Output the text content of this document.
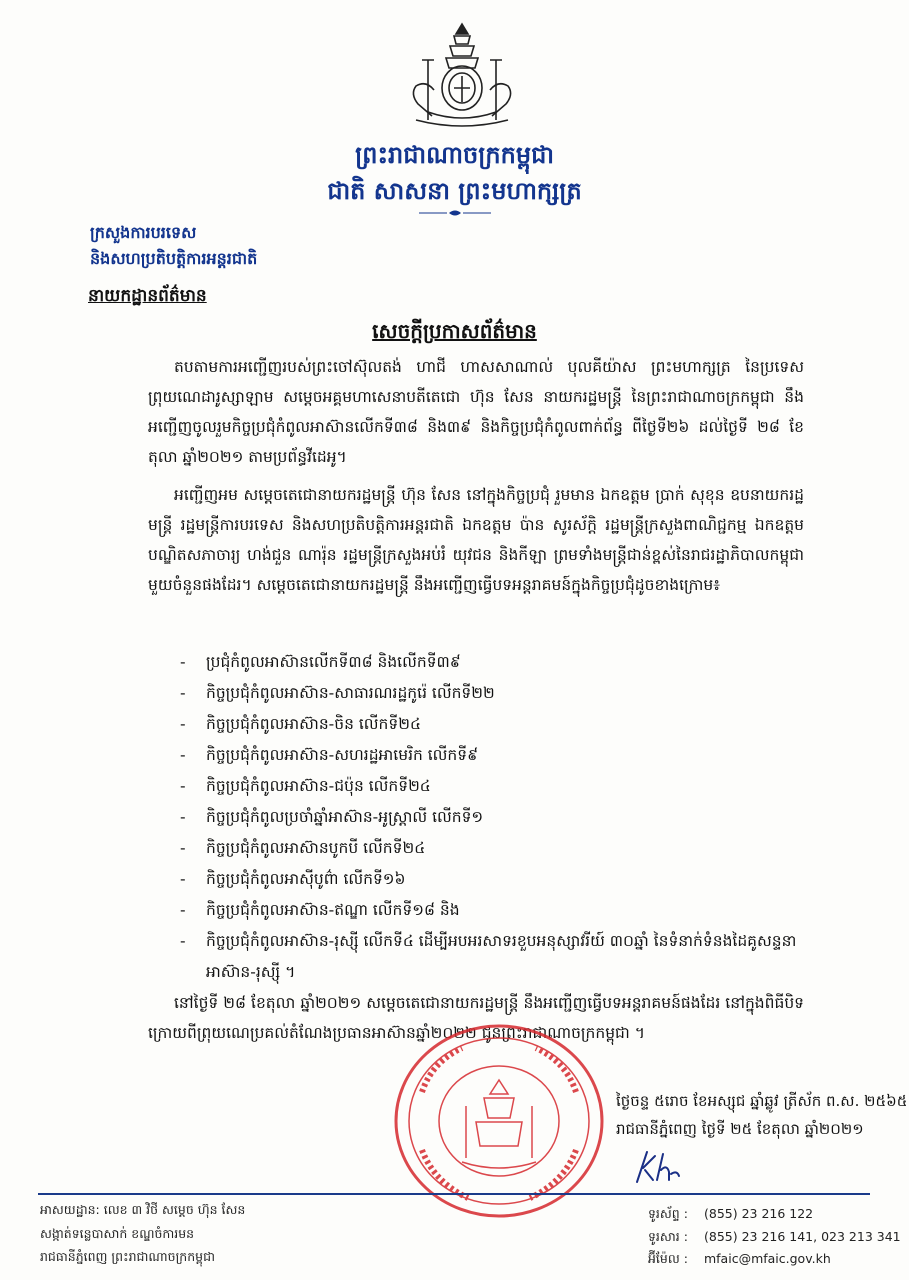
ព្រះរាជាណាចក្រកម្ពុជា
ជាតិ សាសនា ព្រះមហាក្សត្រ
ក្រសួងការបរទេស
និងសហប្រតិបត្តិការអន្តរជាតិ
នាយកដ្ឋានព័ត៌មាន
សេចក្តីប្រកាសព័ត៌មាន
តបតាមការអញ្ជើញរបស់ព្រះចៅស៊ុលតង់ ហាជី ហាសសាណាល់ បុលគីយ៉ាស ព្រះមហាក្សត្រ នៃប្រទេសព្រុយណេដារូស្សាឡាម សម្តេចអគ្គមហាសេនាបតីតេជោ ហ៊ុន សែន នាយករដ្ឋមន្ត្រី នៃព្រះរាជាណាចក្រកម្ពុជា នឹងអញ្ជើញចូលរួមកិច្ចប្រជុំកំពូលអាស៊ានលើកទី៣៨ និង៣៩ និងកិច្ចប្រជុំកំពូលពាក់ព័ន្ធ ពីថ្ងៃទី២៦ ដល់ថ្ងៃទី ២៨ ខែតុលា ឆ្នាំ២០២១ តាមប្រព័ន្ធវីដេអូ។
អញ្ជើញអម សម្តេចតេជោនាយករដ្ឋមន្ត្រី ហ៊ុន សែន នៅក្នុងកិច្ចប្រជុំ រួមមាន ឯកឧត្តម ប្រាក់ សុខុន ឧបនាយករដ្ឋមន្ត្រី រដ្ឋមន្ត្រីការបរទេស និងសហប្រតិបត្តិការអន្តរជាតិ ឯកឧត្តម ប៉ាន សូរស័ក្តិ រដ្ឋមន្ត្រីក្រសួងពាណិជ្ជកម្ម ឯកឧត្តមបណ្ឌិតសភាចារ្យ ហង់ជួន ណារ៉ុន រដ្ឋមន្ត្រីក្រសួងអប់រំ យុវជន និងកីឡា ព្រមទាំងមន្ត្រីជាន់ខ្ពស់នៃរាជរដ្ឋាភិបាលកម្ពុជាមួយចំនួនផងដែរ។ សម្តេចតេជោនាយករដ្ឋមន្ត្រី នឹងអញ្ជើញធ្វើបទអន្តរាគមន៍ក្នុងកិច្ចប្រជុំដូចខាងក្រោម៖
- ប្រជុំកំពូលអាស៊ានលើកទី៣៨ និងលើកទី៣៩
- កិច្ចប្រជុំកំពូលអាស៊ាន-សាធារណរដ្ឋកូរ៉េ លើកទី២២
- កិច្ចប្រជុំកំពូលអាស៊ាន-ចិន លើកទី២៤
- កិច្ចប្រជុំកំពូលអាស៊ាន-សហរដ្ឋអាមេរិក លើកទី៩
- កិច្ចប្រជុំកំពូលអាស៊ាន-ជប៉ុន លើកទី២៤
- កិច្ចប្រជុំកំពូលប្រចាំឆ្នាំអាស៊ាន-អូស្ត្រាលី លើកទី១
- កិច្ចប្រជុំកំពូលអាស៊ានបូកបី លើកទី២៤
- កិច្ចប្រជុំកំពូលអាស៊ីបូព៌ា លើកទី១៦
- កិច្ចប្រជុំកំពូលអាស៊ាន-ឥណ្ឌា លើកទី១៨ និង
- កិច្ចប្រជុំកំពូលអាស៊ាន-រុស្ស៊ី លើកទី៤ ដើម្បីអបអរសាទរខួបអនុស្សាវរីយ៍ ៣០ឆ្នាំ នៃទំនាក់ទំនងដៃគូសន្ទនាអាស៊ាន-រុស្ស៊ី ។
នៅថ្ងៃទី ២៨ ខែតុលា ឆ្នាំ២០២១ សម្តេចតេជោនាយករដ្ឋមន្ត្រី នឹងអញ្ជើញធ្វើបទអន្តរាគមន៍ផងដែរ នៅក្នុងពិធីបិទ ក្រោយពីព្រុយណេប្រគល់តំណែងប្រធានអាស៊ានឆ្នាំ២០២២ ជូនព្រះរាជាណាចក្រកម្ពុជា ។
ថ្ងៃចន្ទ ៥រោច ខែអស្សុជ ឆ្នាំឆ្លូវ ត្រីស័ក ព.ស. ២៥៦៥
រាជធានីភ្នំពេញ ថ្ងៃទី ២៥ ខែតុលា ឆ្នាំ២០២១
អាសយដ្ឋាន: លេខ ៣ វិថី សម្តេច ហ៊ុន សែន
សង្កាត់ទន្លេបាសាក់ ខណ្ឌចំការមន
រាជធានីភ្នំពេញ ព្រះរាជាណាចក្រកម្ពុជា
ទូរស័ព្ទ : (855) 23 216 122
ទូរសារ : (855) 23 216 141, 023 213 341
អ៊ីម៉ែល : mfaic@mfaic.gov.kh
